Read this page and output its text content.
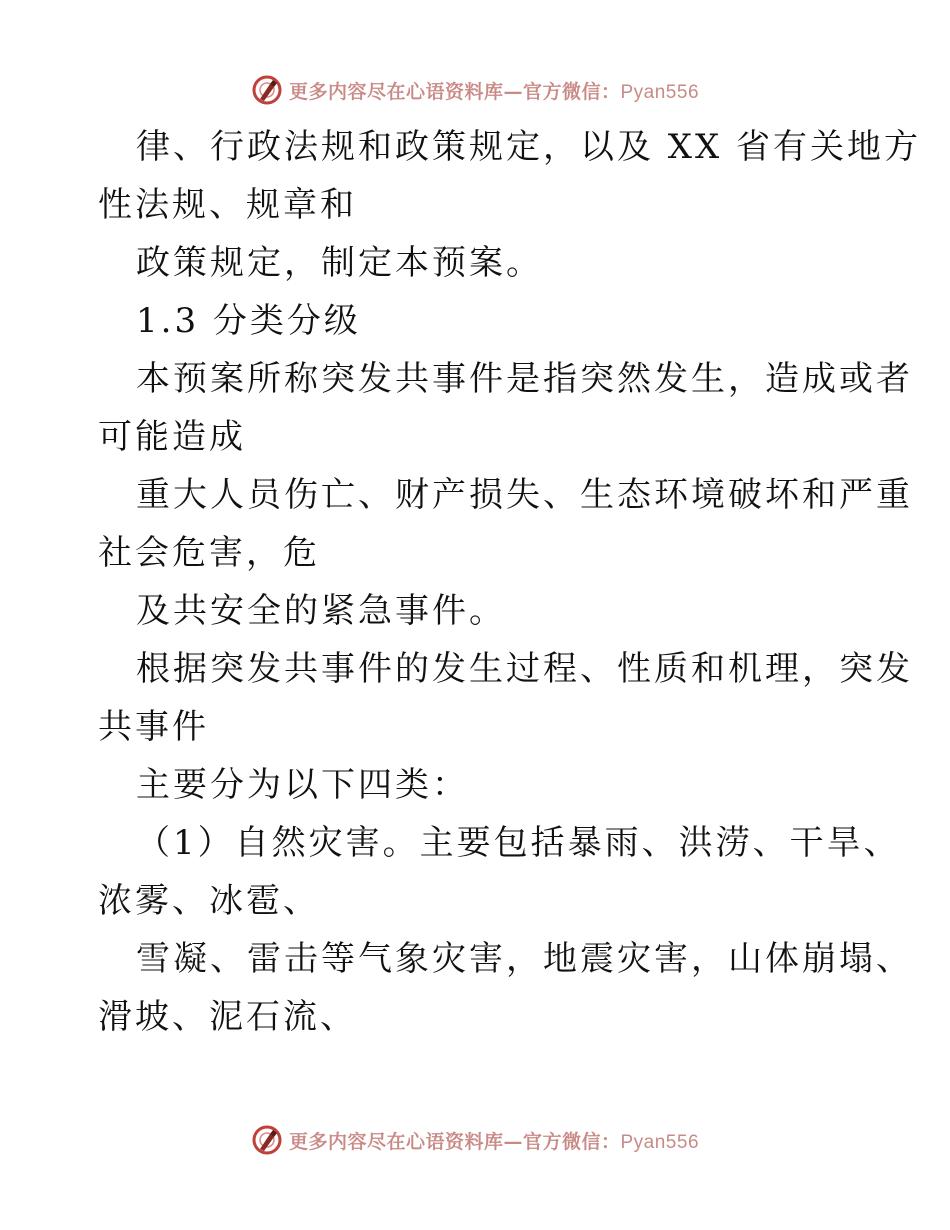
更多内容尽在心语资料库—官方微信：Pyan556
律、行政法规和政策规定，以及 XX 省有关地方
性法规、规章和
政策规定，制定本预案。
1.3 分类分级
本预案所称突发共事件是指突然发生，造成或者
可能造成
重大人员伤亡、财产损失、生态环境破坏和严重
社会危害，危
及共安全的紧急事件。
根据突发共事件的发生过程、性质和机理，突发
共事件
主要分为以下四类：
（1）自然灾害。主要包括暴雨、洪涝、干旱、
浓雾、冰雹、
雪凝、雷击等气象灾害，地震灾害，山体崩塌、
滑坡、泥石流、
更多内容尽在心语资料库—官方微信：Pyan556
